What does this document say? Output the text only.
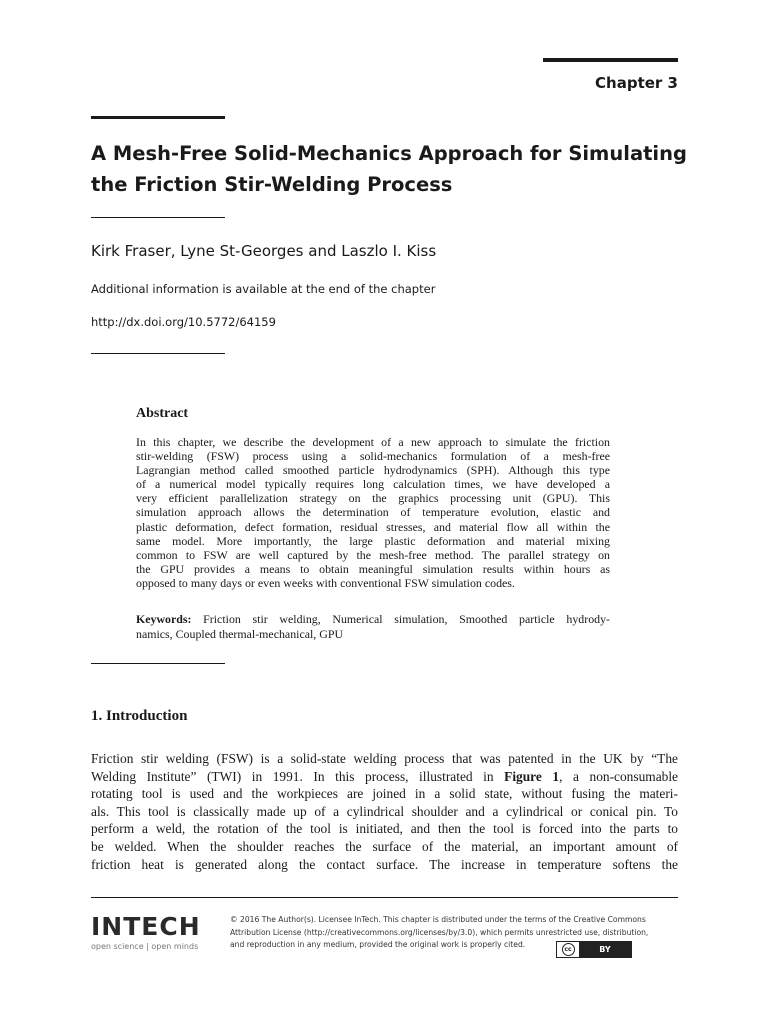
Chapter 3
A Mesh-Free Solid-Mechanics Approach for Simulating
the Friction Stir-Welding Process
Kirk Fraser, Lyne St-Georges and Laszlo I. Kiss
Additional information is available at the end of the chapter
http://dx.doi.org/10.5772/64159
Abstract
In this chapter, we describe the development of a new approach to simulate the friction
stir-welding (FSW) process using a solid-mechanics formulation of a mesh-free
Lagrangian method called smoothed particle hydrodynamics (SPH). Although this type
of a numerical model typically requires long calculation times, we have developed a
very efficient parallelization strategy on the graphics processing unit (GPU). This
simulation approach allows the determination of temperature evolution, elastic and
plastic deformation, defect formation, residual stresses, and material flow all within the
same model. More importantly, the large plastic deformation and material mixing
common to FSW are well captured by the mesh-free method. The parallel strategy on
the GPU provides a means to obtain meaningful simulation results within hours as
opposed to many days or even weeks with conventional FSW simulation codes.
Keywords: Friction stir welding, Numerical simulation, Smoothed particle hydrody-
namics, Coupled thermal-mechanical, GPU
1. Introduction
Friction stir welding (FSW) is a solid-state welding process that was patented in the UK by “The
Welding Institute” (TWI) in 1991. In this process, illustrated in Figure 1, a non-consumable
rotating tool is used and the workpieces are joined in a solid state, without fusing the materi-
als. This tool is classically made up of a cylindrical shoulder and a cylindrical or conical pin. To
perform a weld, the rotation of the tool is initiated, and then the tool is forced into the parts to
be welded. When the shoulder reaches the surface of the material, an important amount of
friction heat is generated along the contact surface. The increase in temperature softens the
INTECH
open science | open minds
© 2016 The Author(s). Licensee InTech. This chapter is distributed under the terms of the Creative Commons
Attribution License (http://creativecommons.org/licenses/by/3.0), which permits unrestricted use, distribution,
and reproduction in any medium, provided the original work is properly cited.
cc	BY
